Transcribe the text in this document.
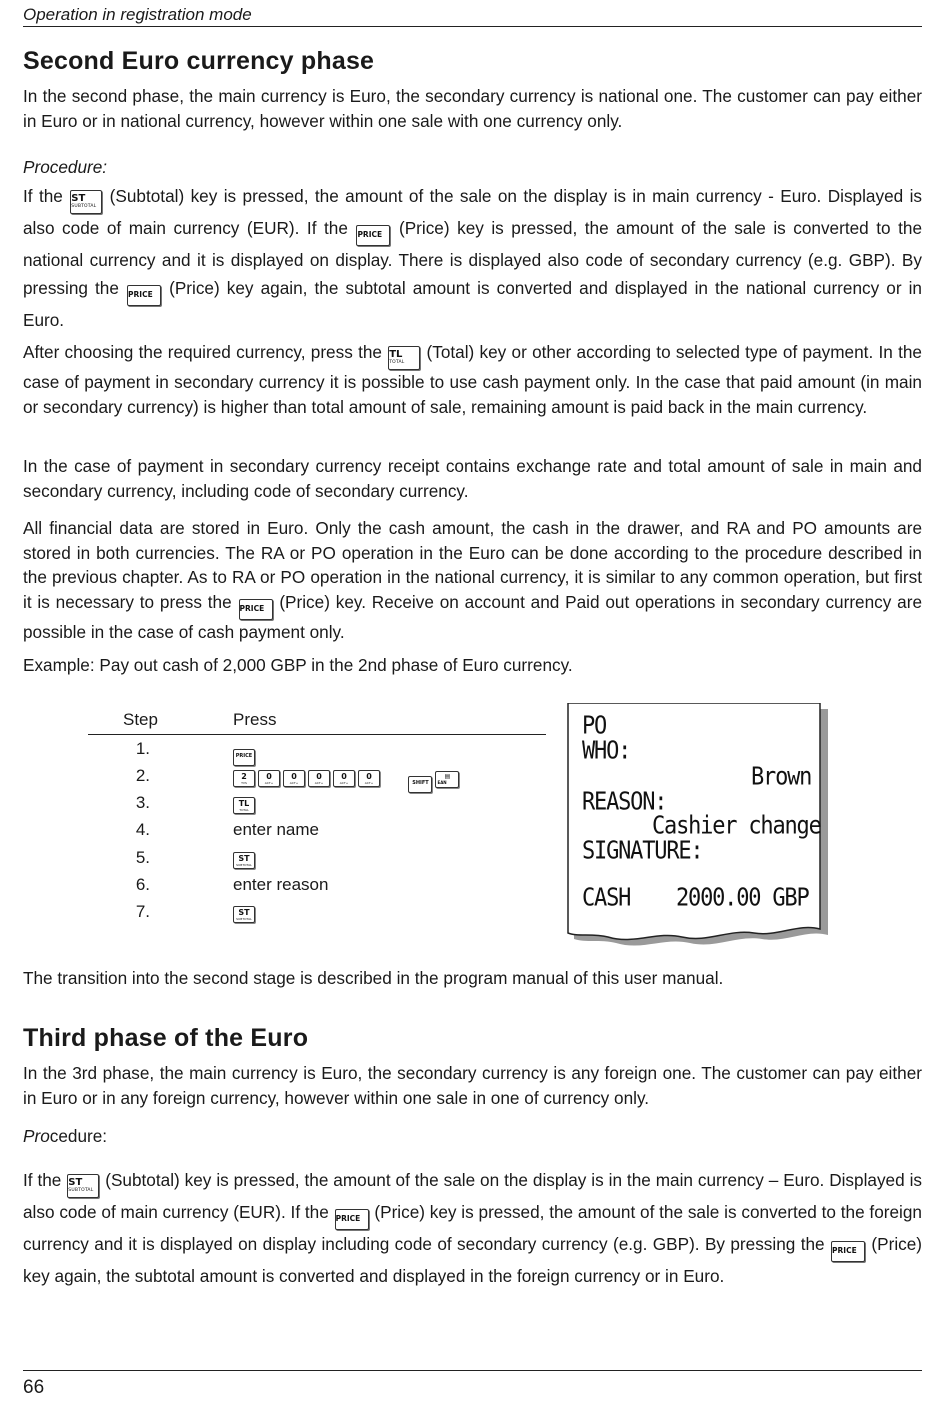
Operation in registration mode
Second Euro currency phase

In the second phase, the main currency is Euro, the secondary currency is national one. The customer can pay either in Euro or in national currency, however within one sale with one currency only.

Procedure:

If the ST
SUBTOTAL
(Subtotal) key is pressed, the amount of the sale on the display is in main currency - Euro. Displayed is also code of main currency (EUR). If the PRICE (Price) key is pressed, the amount of the sale is converted to the national currency and it is displayed on display. There is displayed also code of secondary currency (e.g. GBP). By pressing the PRICE (Price) key again, the subtotal amount is converted and displayed in the national currency or in Euro.

After choosing the required currency, press the TL
TOTAL
(Total) key or other according to selected type of payment. In the case of payment in secondary currency it is possible to use cash payment only. In the case that paid amount (in main or secondary currency) is higher than total amount of sale, remaining amount is paid back in the main currency.

In the case of payment in secondary currency receipt contains exchange rate and total amount of sale in main and secondary currency, including code of secondary currency.

All financial data are stored in Euro. Only the cash amount, the cash in the drawer, and RA and PO amounts are stored in both currencies. The RA or PO operation in the Euro can be done according to the procedure described in the previous chapter. As to RA or PO operation in the national currency, it is similar to any common operation, but first it is necessary to press the PRICE (Price) key. Receive on account and Paid out operations in secondary currency are possible in the case of cash payment only.

Example: Pay out cash of 2,000 GBP in the 2nd phase of Euro currency.

Step	Press
1.	PRICE
2.	2
TVS
0
ACT+
0
ACT+
0
ACT+
0
ACT+
0
ACT+
	SHIFT
▤
EAN
3.	TL
TOTAL
4.	enter name
5.	ST
SUBTOTAL
6.	enter reason
7.	ST
SUBTOTAL
PO
WHO:
Brown
REASON:
Cashier change
SIGNATURE:
CASH 2000.00 GBP

The transition into the second stage is described in the program manual of this user manual.

Third phase of the Euro

In the 3rd phase, the main currency is Euro, the secondary currency is any foreign one. The customer can pay either in Euro or in any foreign currency, however within one sale in one of currency only.

Procedure:

If the ST
SUBTOTAL
(Subtotal) key is pressed, the amount of the sale on the display is in the main currency – Euro. Displayed is also code of main currency (EUR). If the PRICE (Price) key is pressed, the amount of the sale is converted to the foreign currency and it is displayed on display including code of secondary currency (e.g. GBP). By pressing the PRICE (Price) key again, the subtotal amount is converted and displayed in the foreign currency or in Euro.

66
